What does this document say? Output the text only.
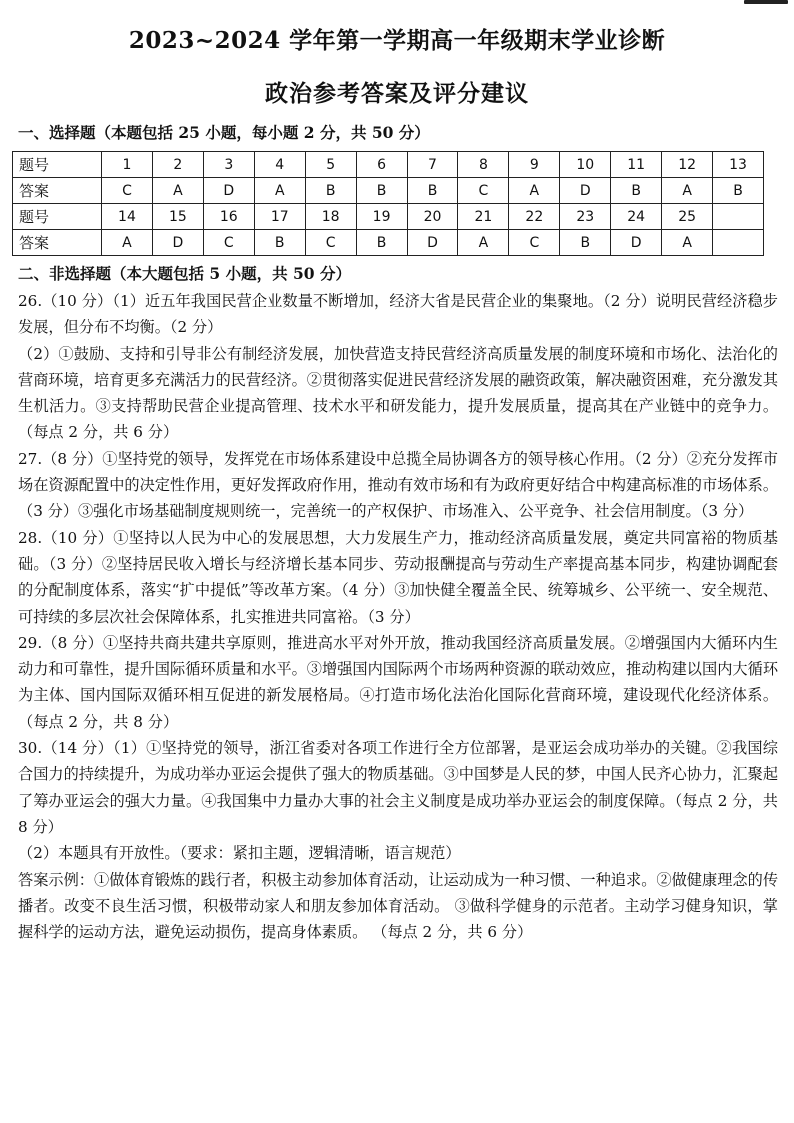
2023~2024 学年第一学期高一年级期末学业诊断
政治参考答案及评分建议
一、选择题（本题包括 25 小题，每小题 2 分，共 50 分）
题号	1	2	3	4	5	6	7	8	9	10	11	12	13
答案	C	A	D	A	B	B	B	C	A	D	B	A	B
题号	14	15	16	17	18	19	20	21	22	23	24	25	
答案	A	D	C	B	C	B	D	A	C	B	D	A	
二、非选择题（本大题包括 5 小题，共 50 分）

26.（10 分）（1）近五年我国民营企业数量不断增加，经济大省是民营企业的集聚地。（2 分）说明民营经济稳步发展，但分布不均衡。（2 分）

（2）①鼓励、支持和引导非公有制经济发展，加快营造支持民营经济高质量发展的制度环境和市场化、法治化的营商环境，培育更多充满活力的民营经济。②贯彻落实促进民营经济发展的融资政策，解决融资困难，充分激发其生机活力。③支持帮助民营企业提高管理、技术水平和研发能力，提升发展质量，提高其在产业链中的竞争力。（每点 2 分，共 6 分）

27.（8 分）①坚持党的领导，发挥党在市场体系建设中总揽全局协调各方的领导核心作用。（2 分）②充分发挥市场在资源配置中的决定性作用，更好发挥政府作用，推动有效市场和有为政府更好结合中构建高标准的市场体系。（3 分）③强化市场基础制度规则统一，完善统一的产权保护、市场准入、公平竞争、社会信用制度。（3 分）

28.（10 分）①坚持以人民为中心的发展思想，大力发展生产力，推动经济高质量发展，奠定共同富裕的物质基础。（3 分）②坚持居民收入增长与经济增长基本同步、劳动报酬提高与劳动生产率提高基本同步，构建协调配套的分配制度体系，落实“扩中提低”等改革方案。（4 分）③加快健全覆盖全民、统筹城乡、公平统一、安全规范、可持续的多层次社会保障体系，扎实推进共同富裕。（3 分）

29.（8 分）①坚持共商共建共享原则，推进高水平对外开放，推动我国经济高质量发展。②增强国内大循环内生动力和可靠性，提升国际循环质量和水平。③增强国内国际两个市场两种资源的联动效应，推动构建以国内大循环为主体、国内国际双循环相互促进的新发展格局。④打造市场化法治化国际化营商环境，建设现代化经济体系。（每点 2 分，共 8 分）

30.（14 分）（1）①坚持党的领导，浙江省委对各项工作进行全方位部署，是亚运会成功举办的关键。②我国综合国力的持续提升，为成功举办亚运会提供了强大的物质基础。③中国梦是人民的梦，中国人民齐心协力，汇聚起了筹办亚运会的强大力量。④我国集中力量办大事的社会主义制度是成功举办亚运会的制度保障。（每点 2 分，共 8 分）

（2）本题具有开放性。（要求：紧扣主题，逻辑清晰，语言规范）

答案示例：①做体育锻炼的践行者，积极主动参加体育活动，让运动成为一种习惯、一种追求。②做健康理念的传播者。改变不良生活习惯，积极带动家人和朋友参加体育活动。 ③做科学健身的示范者。主动学习健身知识，掌握科学的运动方法，避免运动损伤，提高身体素质。 （每点 2 分，共 6 分）
